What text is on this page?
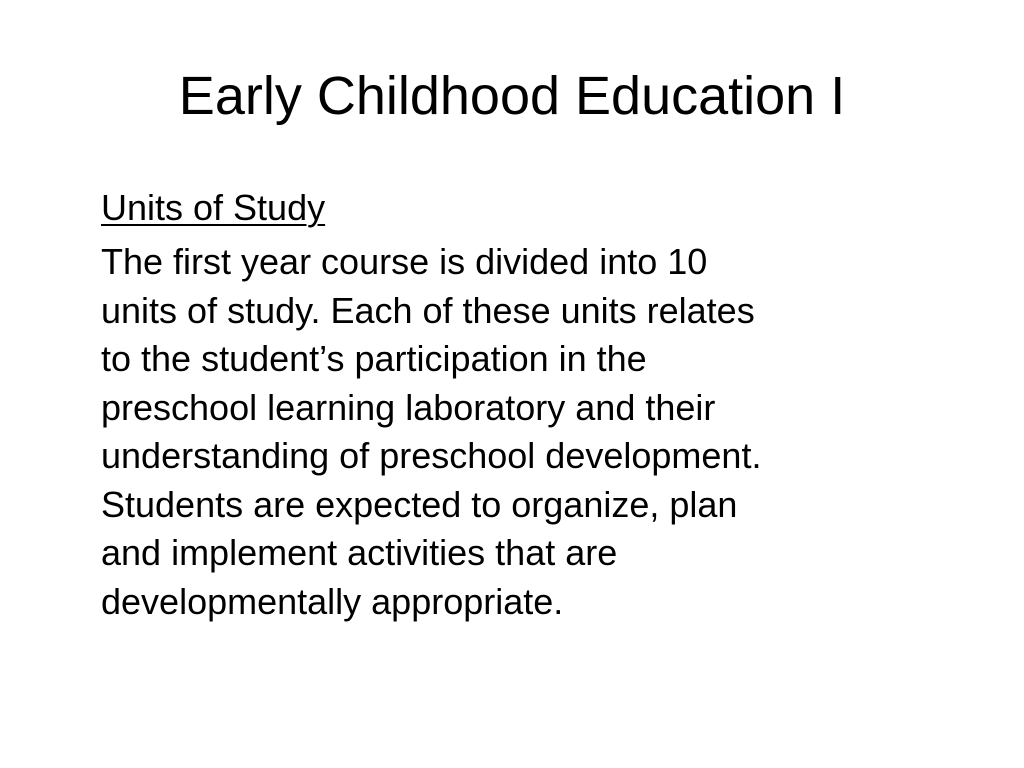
Early Childhood Education I
Units of Study

The first year course is divided into 10
units of study. Each of these units relates
to the student’s participation in the
preschool learning laboratory and their
understanding of preschool development.
Students are expected to organize, plan
and implement activities that are
developmentally appropriate.
